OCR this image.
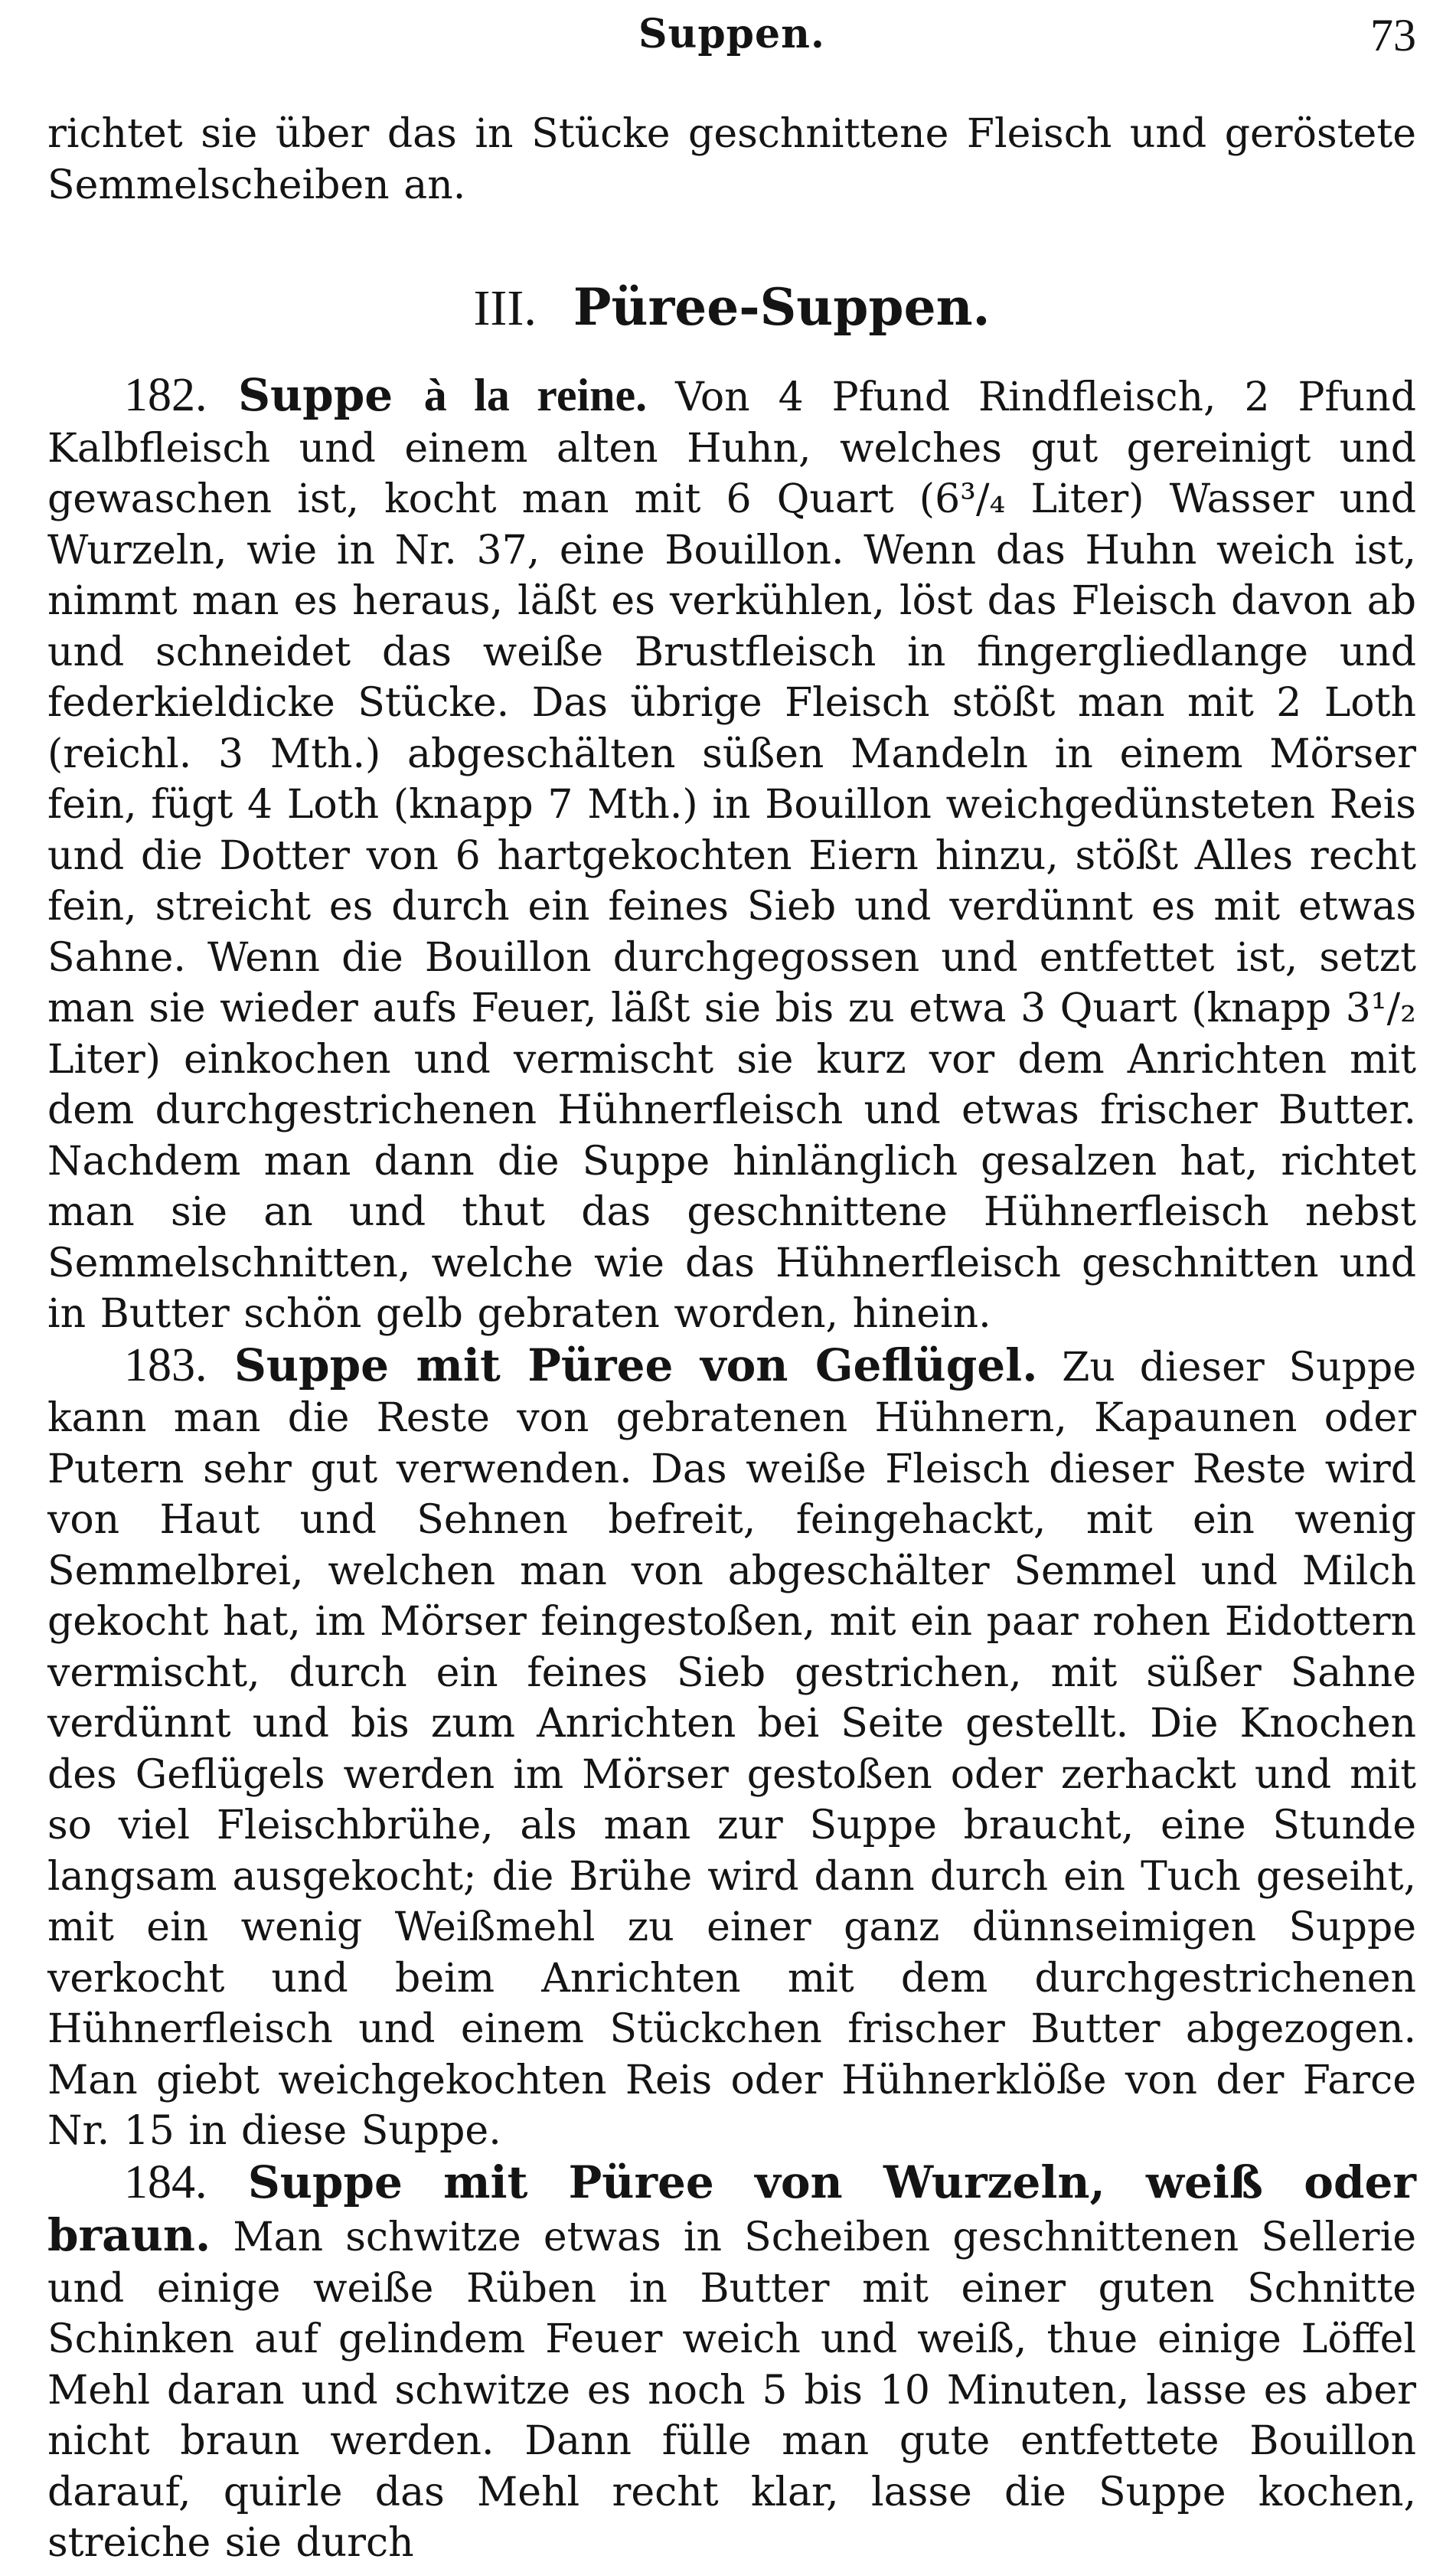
Suppen.	73

richtet sie über das in Stücke geschnittene Fleisch und geröstete Semmelscheiben an.

III. Püree-Suppen.

182. Suppe à la reine. Von 4 Pfund Rindfleisch, 2 Pfund Kalbfleisch und einem alten Huhn, welches gut gereinigt und gewaschen ist, kocht man mit 6 Quart (6³/₄ Liter) Wasser und Wurzeln, wie in Nr. 37, eine Bouillon. Wenn das Huhn weich ist, nimmt man es heraus, läßt es verkühlen, löst das Fleisch davon ab und schneidet das weiße Brustfleisch in fingergliedlange und federkieldicke Stücke. Das übrige Fleisch stößt man mit 2 Loth (reichl. 3 Mth.) abgeschälten süßen Mandeln in einem Mörser fein, fügt 4 Loth (knapp 7 Mth.) in Bouillon weichgedünsteten Reis und die Dotter von 6 hartgekochten Eiern hinzu, stößt Alles recht fein, streicht es durch ein feines Sieb und verdünnt es mit etwas Sahne. Wenn die Bouillon durchgegossen und entfettet ist, setzt man sie wieder aufs Feuer, läßt sie bis zu etwa 3 Quart (knapp 3¹/₂ Liter) einkochen und vermischt sie kurz vor dem Anrichten mit dem durchgestrichenen Hühnerfleisch und etwas frischer Butter. Nachdem man dann die Suppe hinlänglich gesalzen hat, richtet man sie an und thut das geschnittene Hühnerfleisch nebst Semmelschnitten, welche wie das Hühnerfleisch geschnitten und in Butter schön gelb gebraten worden, hinein.

183. Suppe mit Püree von Geflügel. Zu dieser Suppe kann man die Reste von gebratenen Hühnern, Kapaunen oder Putern sehr gut verwenden. Das weiße Fleisch dieser Reste wird von Haut und Sehnen befreit, feingehackt, mit ein wenig Semmelbrei, welchen man von abgeschälter Semmel und Milch gekocht hat, im Mörser feingestoßen, mit ein paar rohen Eidottern vermischt, durch ein feines Sieb gestrichen, mit süßer Sahne verdünnt und bis zum Anrichten bei Seite gestellt. Die Knochen des Geflügels werden im Mörser gestoßen oder zerhackt und mit so viel Fleischbrühe, als man zur Suppe braucht, eine Stunde langsam ausgekocht; die Brühe wird dann durch ein Tuch geseiht, mit ein wenig Weißmehl zu einer ganz dünnseimigen Suppe verkocht und beim Anrichten mit dem durchgestrichenen Hühnerfleisch und einem Stückchen frischer Butter abgezogen. Man giebt weichgekochten Reis oder Hühnerklöße von der Farce Nr. 15 in diese Suppe.

184. Suppe mit Püree von Wurzeln, weiß oder braun. Man schwitze etwas in Scheiben geschnittenen Sellerie und einige weiße Rüben in Butter mit einer guten Schnitte Schinken auf gelindem Feuer weich und weiß, thue einige Löffel Mehl daran und schwitze es noch 5 bis 10 Minuten, lasse es aber nicht braun werden. Dann fülle man gute entfettete Bouillon darauf, quirle das Mehl recht klar, lasse die Suppe kochen, streiche sie durch
